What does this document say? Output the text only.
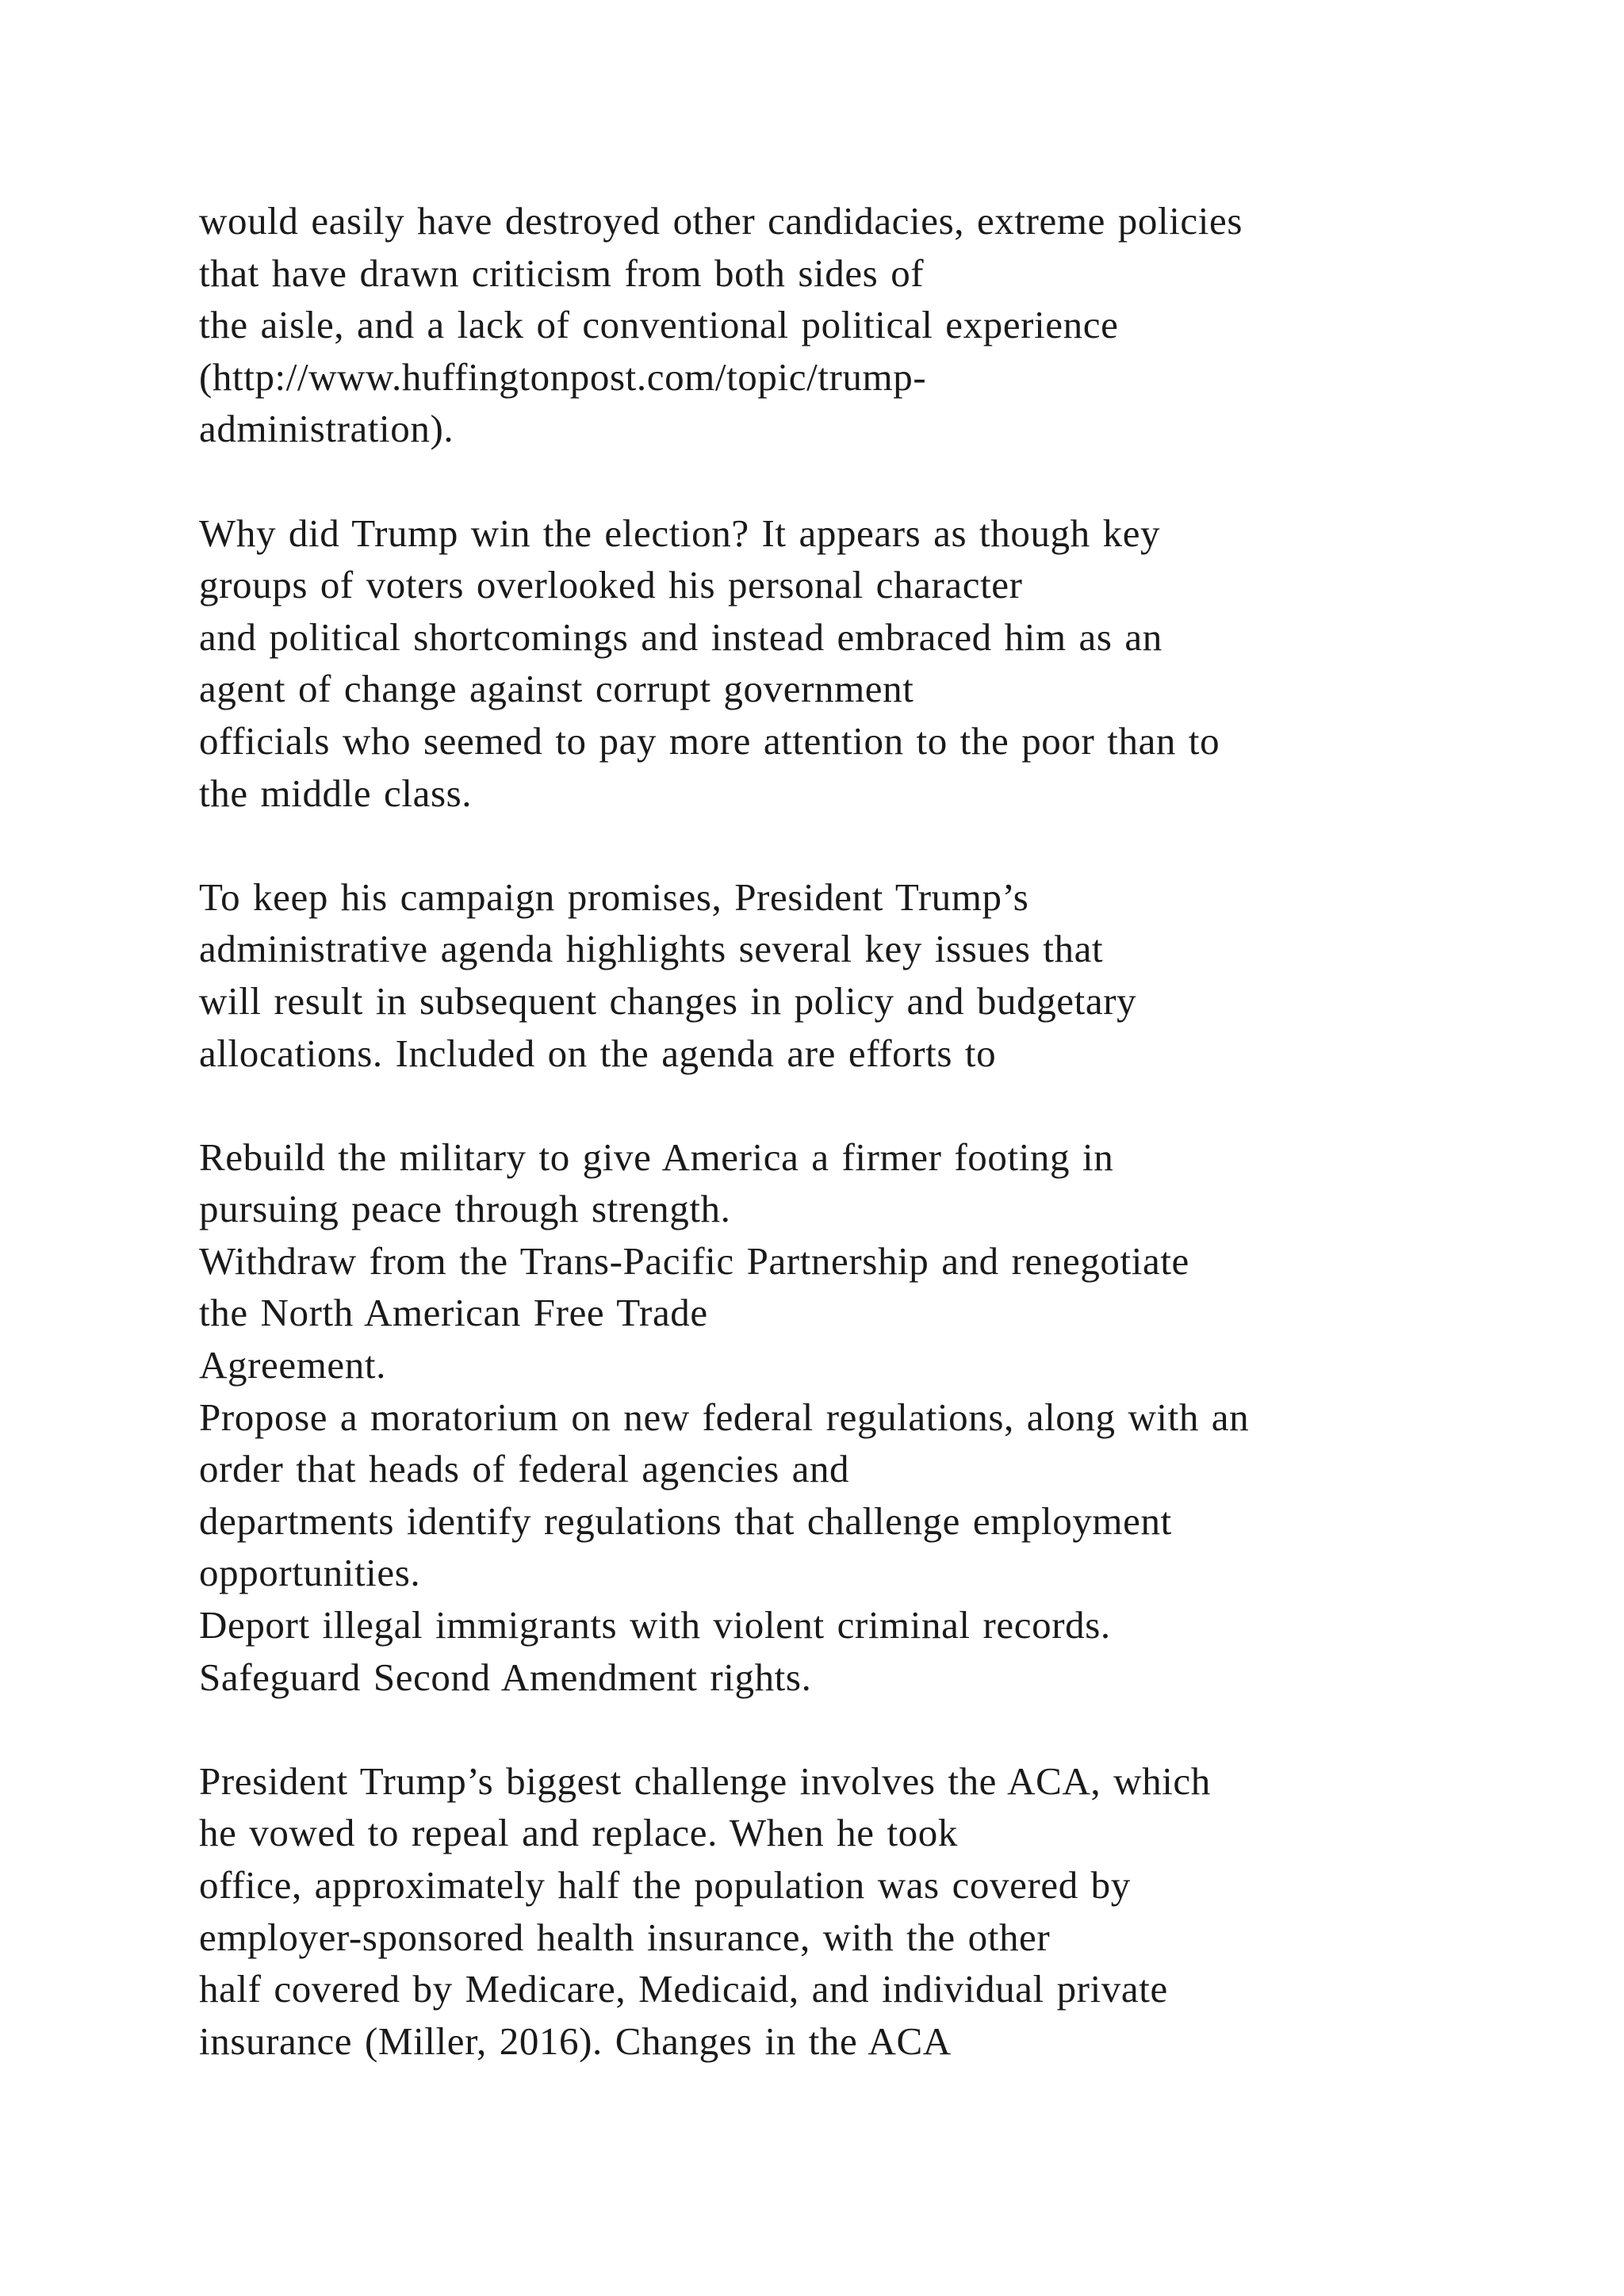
would easily have destroyed other candidacies, extreme policies
that have drawn criticism from both sides of
the aisle, and a lack of conventional political experience
(http://www.huffingtonpost.com/topic/trump-
administration).

Why did Trump win the election? It appears as though key
groups of voters overlooked his personal character
and political shortcomings and instead embraced him as an
agent of change against corrupt government
officials who seemed to pay more attention to the poor than to
the middle class.

To keep his campaign promises, President Trump’s
administrative agenda highlights several key issues that
will result in subsequent changes in policy and budgetary
allocations. Included on the agenda are efforts to

Rebuild the military to give America a firmer footing in
pursuing peace through strength.
Withdraw from the Trans-Pacific Partnership and renegotiate
the North American Free Trade
Agreement.
Propose a moratorium on new federal regulations, along with an
order that heads of federal agencies and
departments identify regulations that challenge employment
opportunities.
Deport illegal immigrants with violent criminal records.
Safeguard Second Amendment rights.

President Trump’s biggest challenge involves the ACA, which
he vowed to repeal and replace. When he took
office, approximately half the population was covered by
employer-sponsored health insurance, with the other
half covered by Medicare, Medicaid, and individual private
insurance (Miller, 2016). Changes in the ACA
